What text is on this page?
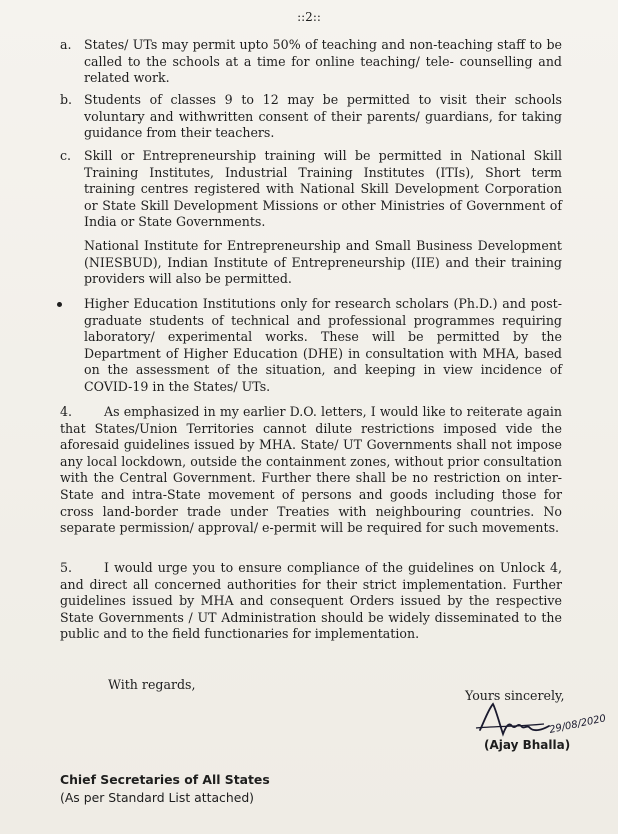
::2::
a. States/ UTs may permit upto 50% of teaching and non-teaching staff to be called to the schools at a time for online teaching/ tele- counselling and related work.
b. Students of classes 9 to 12 may be permitted to visit their schools voluntary and withwritten consent of their parents/ guardians, for taking guidance from their teachers.
c. Skill or Entrepreneurship training will be permitted in National Skill Training Institutes, Industrial Training Institutes (ITIs), Short term training centres registered with National Skill Development Corporation or State Skill Development Missions or other Ministries of Government of India or State Governments.
National Institute for Entrepreneurship and Small Business Development (NIESBUD), Indian Institute of Entrepreneurship (IIE) and their training providers will also be permitted.
Higher Education Institutions only for research scholars (Ph.D.) and post-graduate students of technical and professional programmes requiring laboratory/ experimental works. These will be permitted by the Department of Higher Education (DHE) in consultation with MHA, based on the assessment of the situation, and keeping in view incidence of COVID-19 in the States/ UTs.
4.	As emphasized in my earlier D.O. letters, I would like to reiterate again that States/Union Territories cannot dilute restrictions imposed vide the aforesaid guidelines issued by MHA. State/ UT Governments shall not impose any local lockdown, outside the containment zones, without prior consultation with the Central Government. Further there shall be no restriction on inter-State and intra-State movement of persons and goods including those for cross land-border trade under Treaties with neighbouring countries. No separate permission/ approval/ e-permit will be required for such movements.
5.	I would urge you to ensure compliance of the guidelines on Unlock 4, and direct all concerned authorities for their strict implementation. Further guidelines issued by MHA and consequent Orders issued by the respective State Governments / UT Administration should be widely disseminated to the public and to the field functionaries for implementation.
With regards,
Yours sincerely,
29/08/2020
(Ajay Bhalla)
Chief Secretaries of All States
(As per Standard List attached)
